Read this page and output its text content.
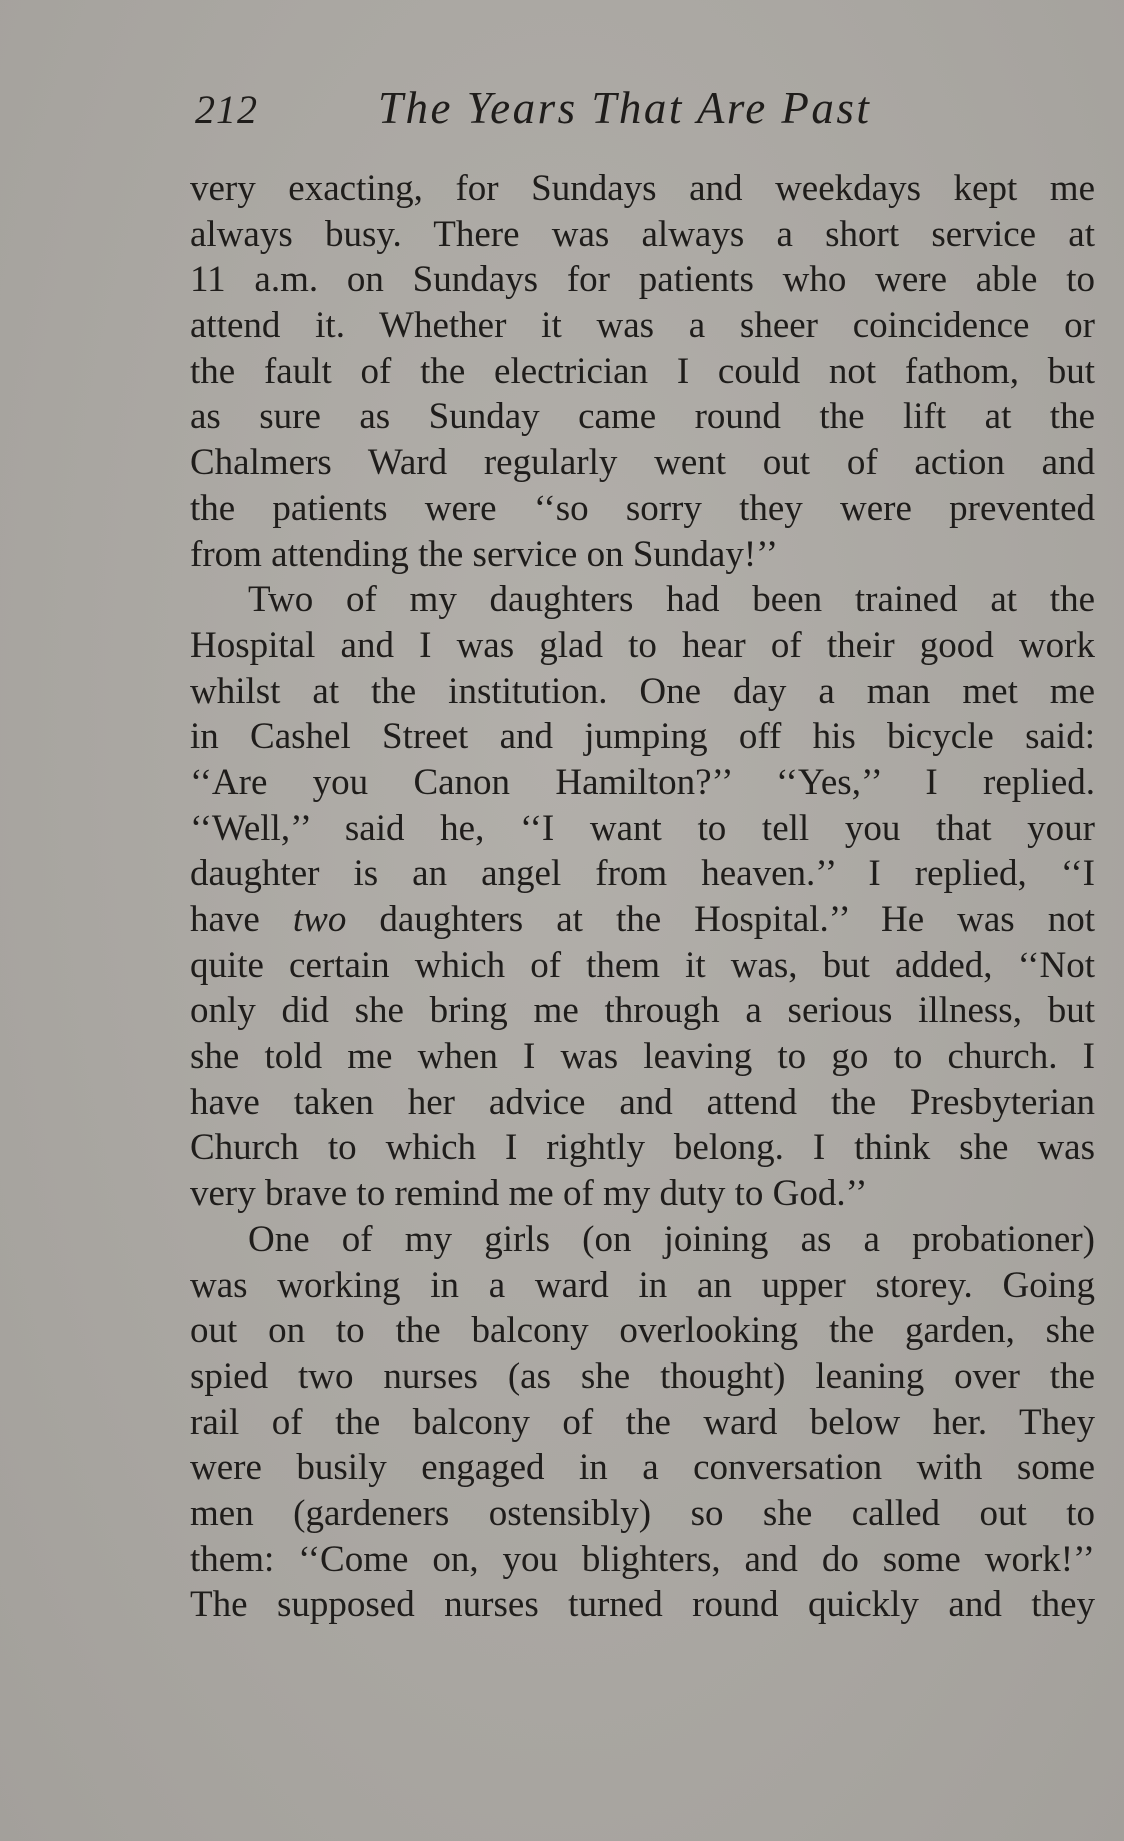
212	The Years That Are Past
very exacting, for Sundays and weekdays kept me
always busy. There was always a short service at
11 a.m. on Sundays for patients who were able to
attend it. Whether it was a sheer coincidence or
the fault of the electrician I could not fathom, but
as sure as Sunday came round the lift at the
Chalmers Ward regularly went out of action and
the patients were ‘‘so sorry they were prevented
from attending the service on Sunday!’’
Two of my daughters had been trained at the
Hospital and I was glad to hear of their good work
whilst at the institution. One day a man met me
in Cashel Street and jumping off his bicycle said:
‘‘Are you Canon Hamilton?’’ ‘‘Yes,’’ I replied.
‘‘Well,’’ said he, ‘‘I want to tell you that your
daughter is an angel from heaven.’’ I replied, ‘‘I
have two daughters at the Hospital.’’ He was not
quite certain which of them it was, but added, ‘‘Not
only did she bring me through a serious illness, but
she told me when I was leaving to go to church. I
have taken her advice and attend the Presbyterian
Church to which I rightly belong. I think she was
very brave to remind me of my duty to God.’’
One of my girls (on joining as a probationer)
was working in a ward in an upper storey. Going
out on to the balcony overlooking the garden, she
spied two nurses (as she thought) leaning over the
rail of the balcony of the ward below her. They
were busily engaged in a conversation with some
men (gardeners ostensibly) so she called out to
them: ‘‘Come on, you blighters, and do some work!’’
The supposed nurses turned round quickly and they
